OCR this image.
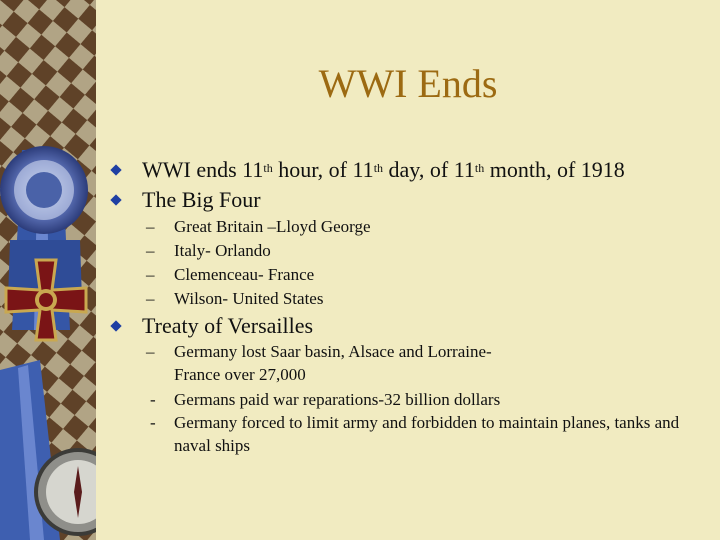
WWI Ends
WWI ends 11th hour, of 11th day, of 11th month, of 1918
The Big Four
– Great Britain –Lloyd George
– Italy- Orlando
– Clemenceau- France
– Wilson- United States
Treaty of Versailles
– Germany lost Saar basin, Alsace and Lorraine-France over 27,000
- Germans paid war reparations-32 billion dollars
- Germany forced to limit army and forbidden to maintain planes, tanks and naval ships
